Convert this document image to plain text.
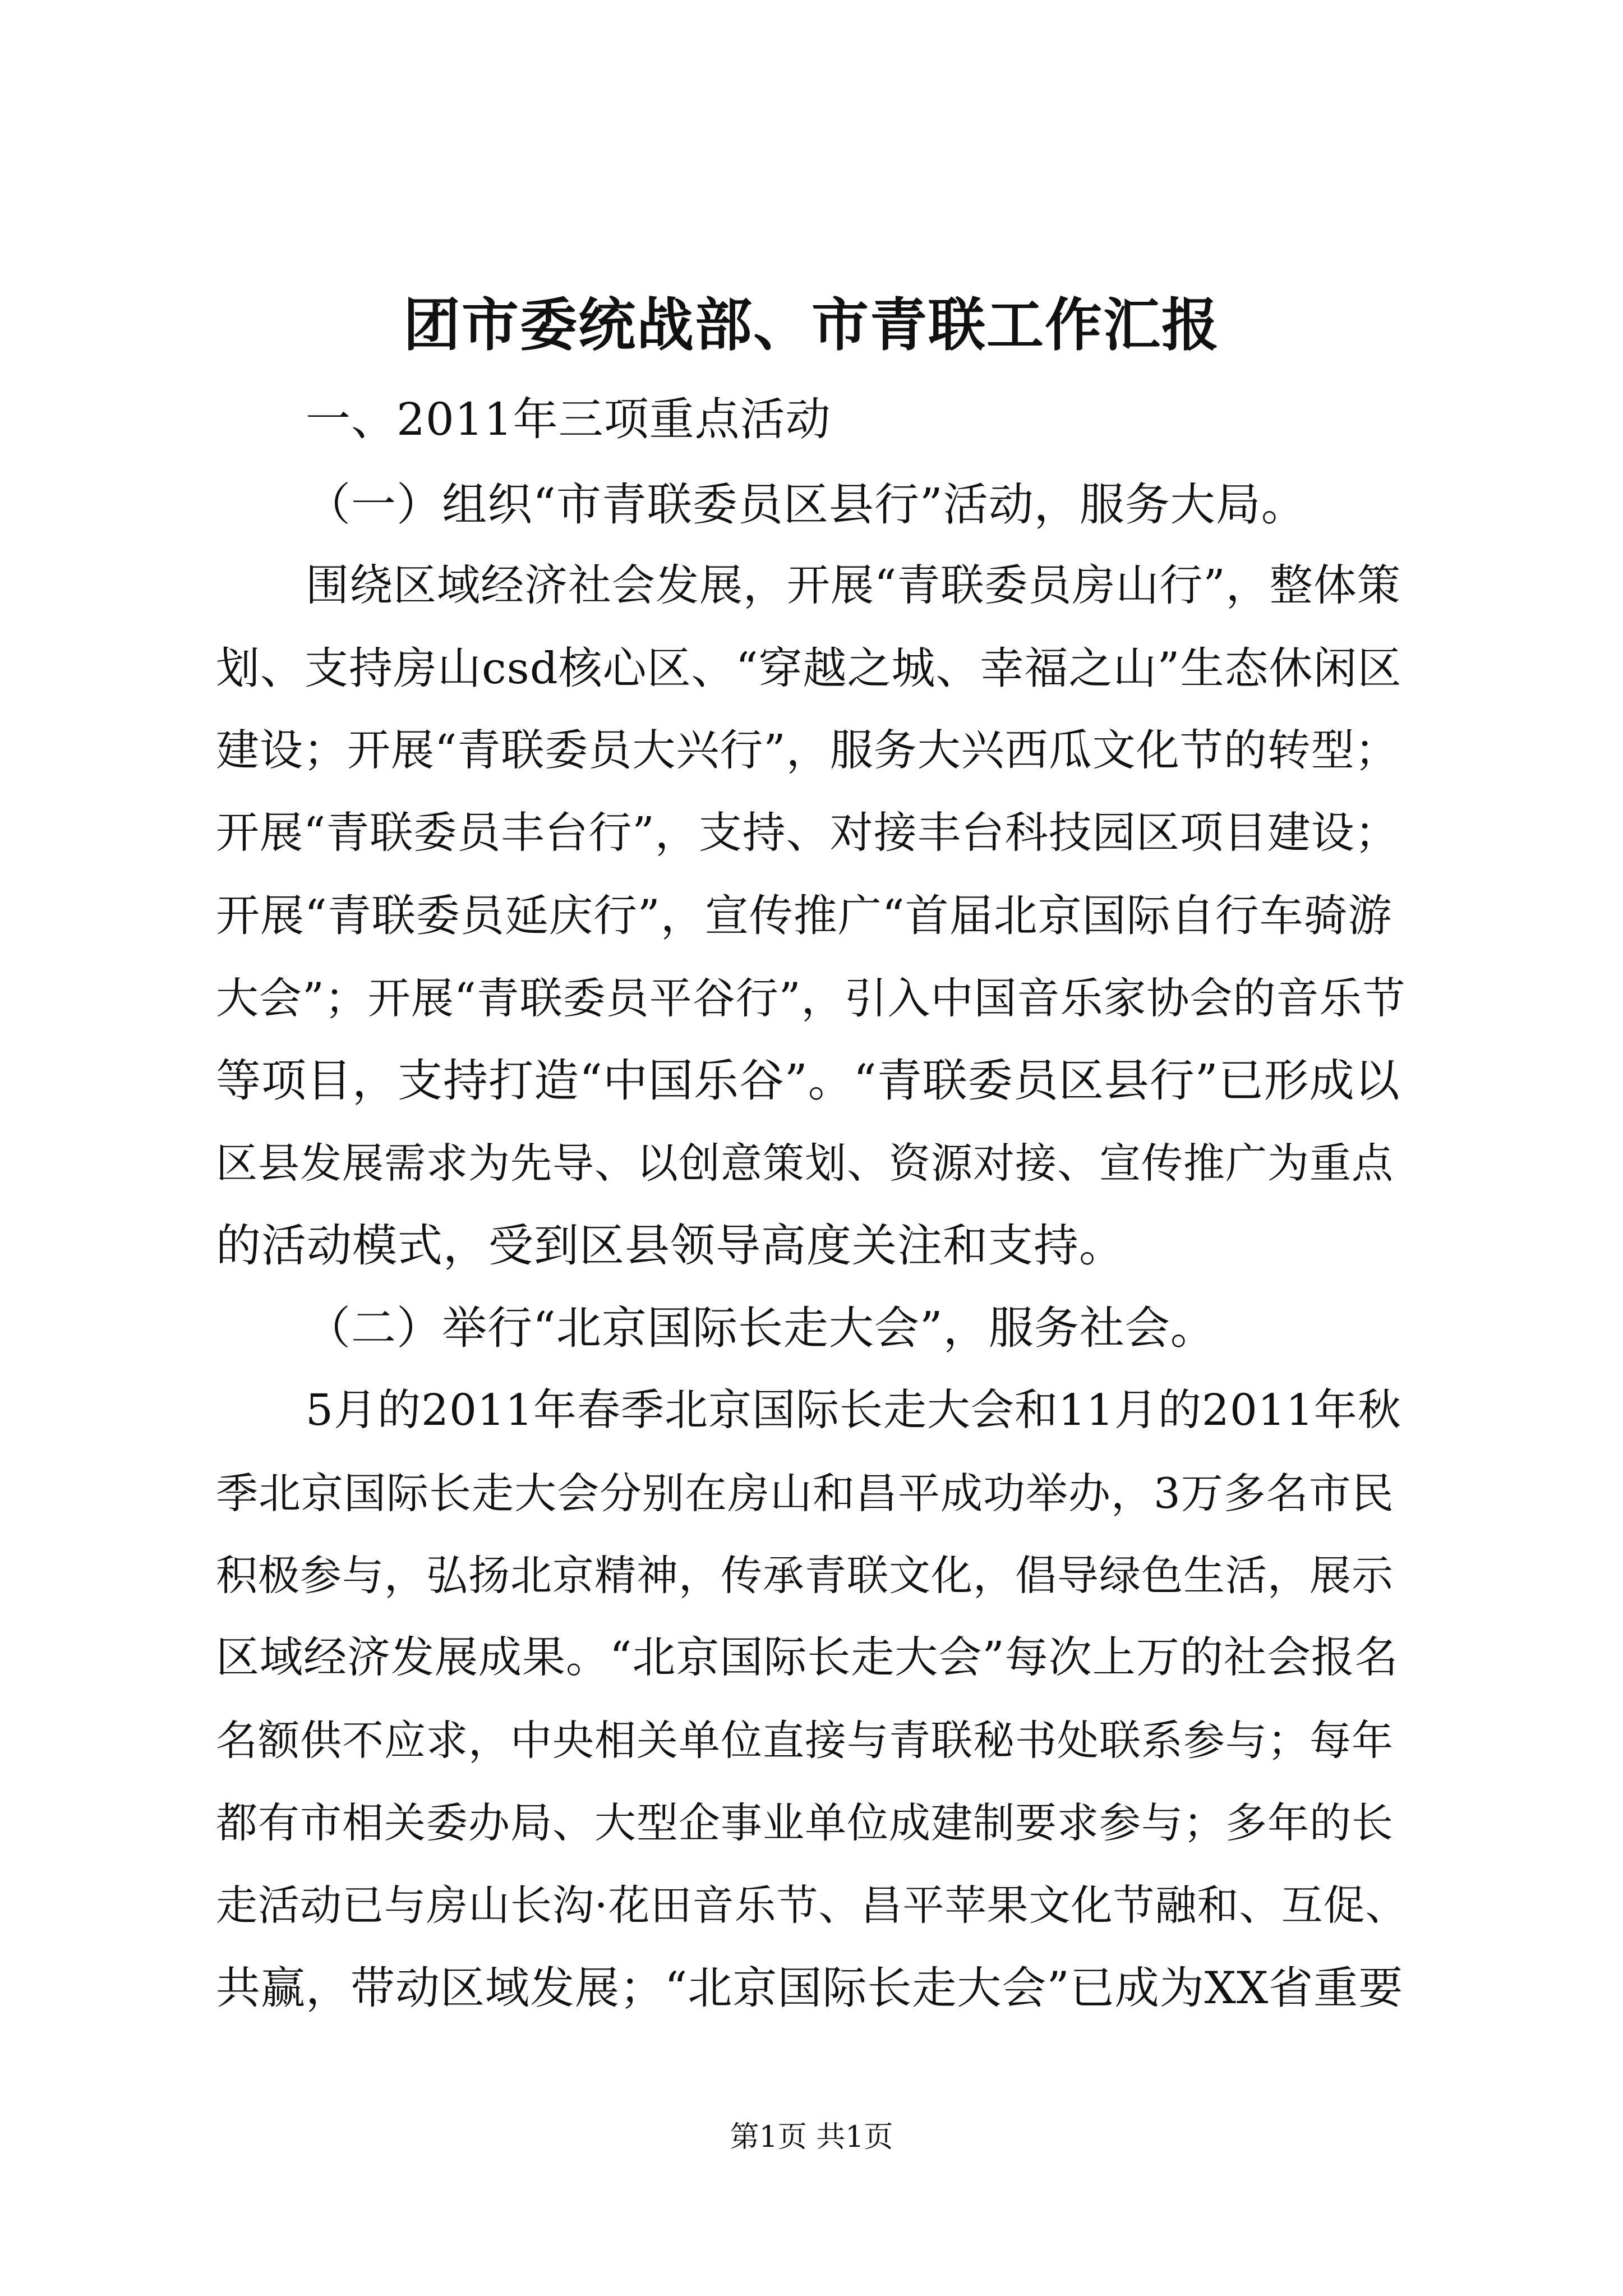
团市委统战部、市青联工作汇报
一、2011年三项重点活动
（一）组织“市青联委员区县行”活动，服务大局。
围绕区域经济社会发展，开展“青联委员房山行”，整体策
划、支持房山csd核心区、“穿越之城、幸福之山”生态休闲区
建设；开展“青联委员大兴行”，服务大兴西瓜文化节的转型；
开展“青联委员丰台行”，支持、对接丰台科技园区项目建设；
开展“青联委员延庆行”，宣传推广“首届北京国际自行车骑游
大会”；开展“青联委员平谷行”，引入中国音乐家协会的音乐节
等项目，支持打造“中国乐谷”。“青联委员区县行”已形成以
区县发展需求为先导、以创意策划、资源对接、宣传推广为重点
的活动模式，受到区县领导高度关注和支持。
（二）举行“北京国际长走大会”，服务社会。
5月的2011年春季北京国际长走大会和11月的2011年秋
季北京国际长走大会分别在房山和昌平成功举办，3万多名市民
积极参与，弘扬北京精神，传承青联文化，倡导绿色生活，展示
区域经济发展成果。“北京国际长走大会”每次上万的社会报名
名额供不应求，中央相关单位直接与青联秘书处联系参与；每年
都有市相关委办局、大型企事业单位成建制要求参与；多年的长
走活动已与房山长沟·花田音乐节、昌平苹果文化节融和、互促、
共赢，带动区域发展；“北京国际长走大会”已成为XX省重要
第1页 共1页
